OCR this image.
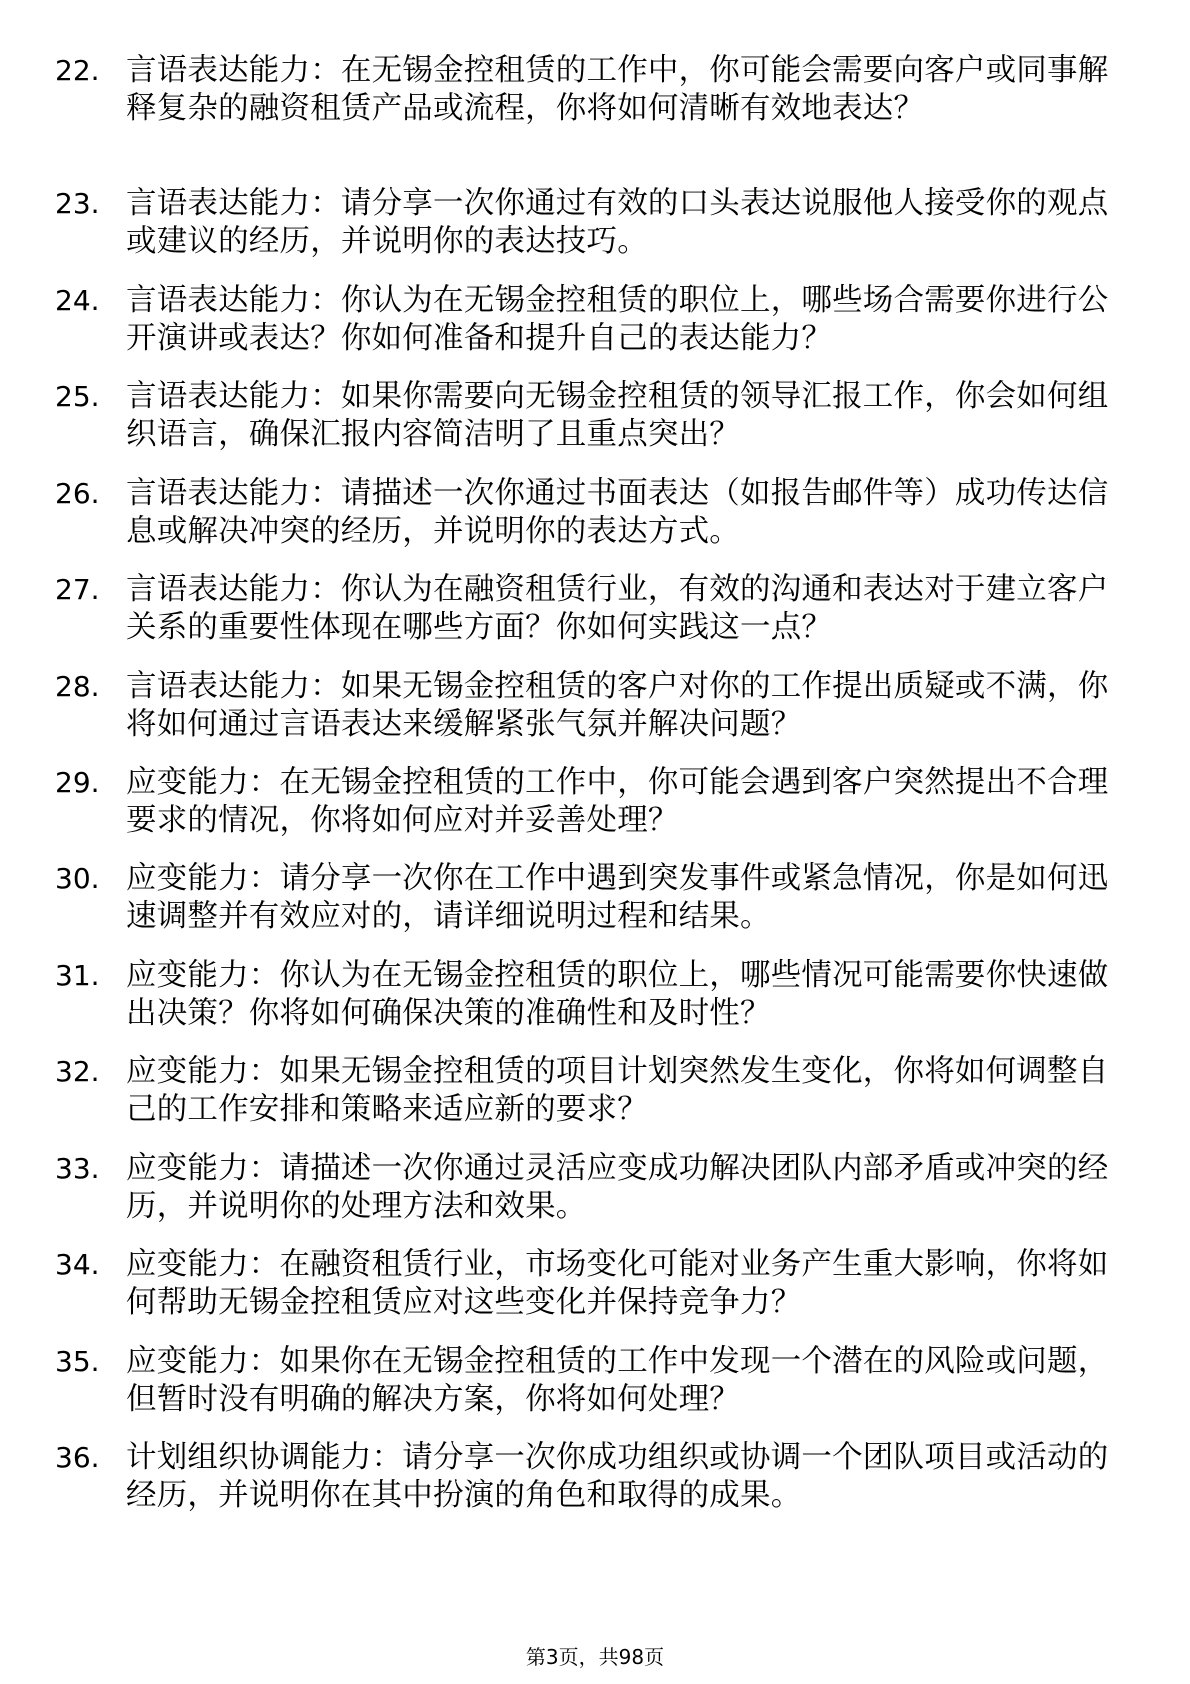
22. 言语表达能力：在无锡金控租赁的工作中，你可能会需要向客户或同事解释复杂的融资租赁产品或流程，你将如何清晰有效地表达？
23. 言语表达能力：请分享一次你通过有效的口头表达说服他人接受你的观点或建议的经历，并说明你的表达技巧。
24. 言语表达能力：你认为在无锡金控租赁的职位上，哪些场合需要你进行公开演讲或表达？你如何准备和提升自己的表达能力？
25. 言语表达能力：如果你需要向无锡金控租赁的领导汇报工作，你会如何组织语言，确保汇报内容简洁明了且重点突出？
26. 言语表达能力：请描述一次你通过书面表达（如报告邮件等）成功传达信息或解决冲突的经历，并说明你的表达方式。
27. 言语表达能力：你认为在融资租赁行业，有效的沟通和表达对于建立客户关系的重要性体现在哪些方面？你如何实践这一点？
28. 言语表达能力：如果无锡金控租赁的客户对你的工作提出质疑或不满，你将如何通过言语表达来缓解紧张气氛并解决问题？
29. 应变能力：在无锡金控租赁的工作中，你可能会遇到客户突然提出不合理要求的情况，你将如何应对并妥善处理？
30. 应变能力：请分享一次你在工作中遇到突发事件或紧急情况，你是如何迅速调整并有效应对的，请详细说明过程和结果。
31. 应变能力：你认为在无锡金控租赁的职位上，哪些情况可能需要你快速做出决策？你将如何确保决策的准确性和及时性？
32. 应变能力：如果无锡金控租赁的项目计划突然发生变化，你将如何调整自己的工作安排和策略来适应新的要求？
33. 应变能力：请描述一次你通过灵活应变成功解决团队内部矛盾或冲突的经历，并说明你的处理方法和效果。
34. 应变能力：在融资租赁行业，市场变化可能对业务产生重大影响，你将如何帮助无锡金控租赁应对这些变化并保持竞争力？
35. 应变能力：如果你在无锡金控租赁的工作中发现一个潜在的风险或问题，但暂时没有明确的解决方案，你将如何处理？
36. 计划组织协调能力：请分享一次你成功组织或协调一个团队项目或活动的经历，并说明你在其中扮演的角色和取得的成果。
第3页，共98页
